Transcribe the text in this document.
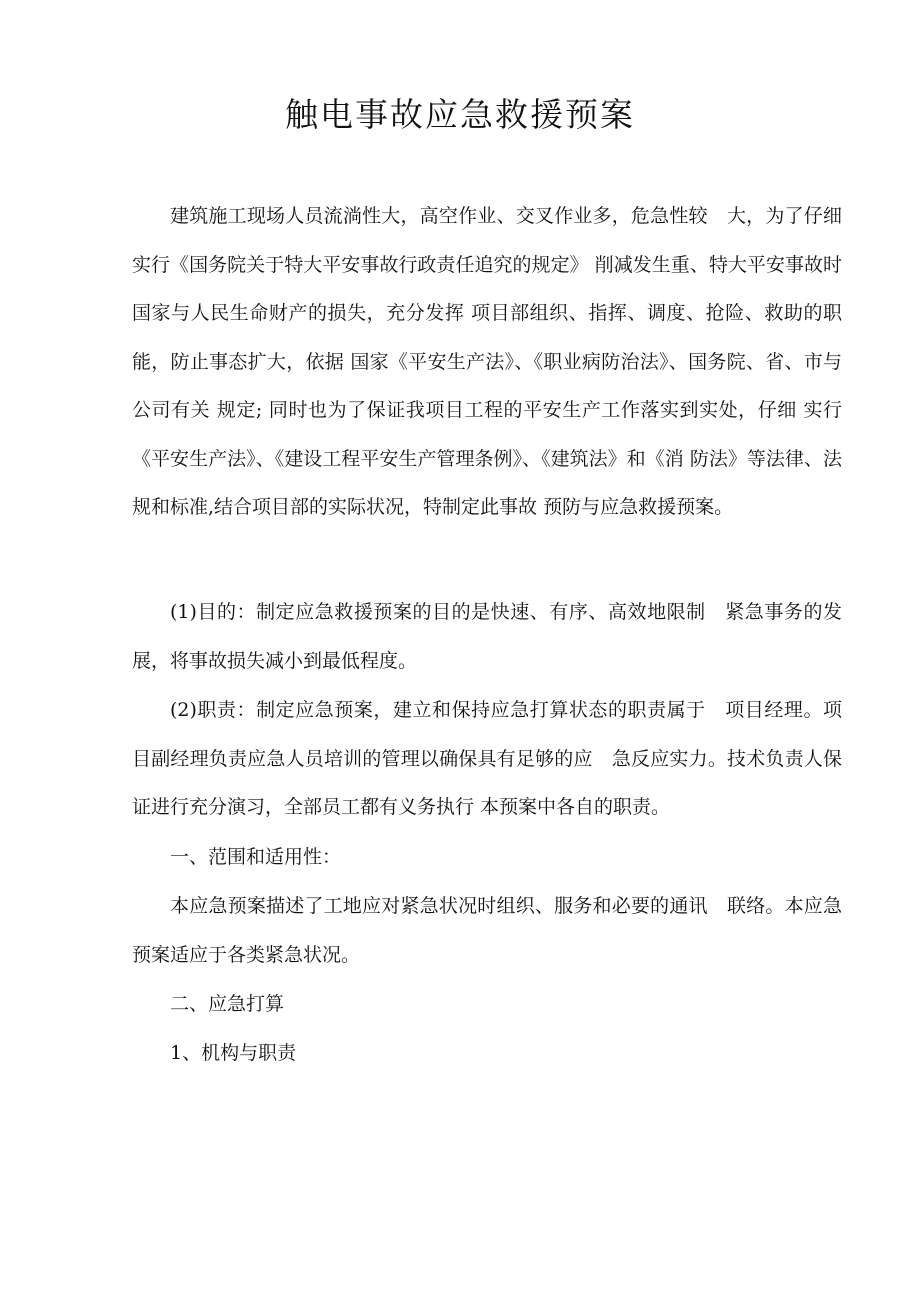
触电事故应急救援预案

建筑施工现场人员流淌性大，高空作业、交叉作业多，危急性较　大，为了仔细实行《国务院关于特大平安事故行政责任追究的规定》 削减发生重、特大平安事故时国家与人民生命财产的损失，充分发挥 项目部组织、指挥、调度、抢险、救助的职能，防止事态扩大，依据 国家《平安生产法》、《职业病防治法》、国务院、省、市与公司有关 规定; 同时也为了保证我项目工程的平安生产工作落实到实处，仔细 实行《平安生产法》、《建设工程平安生产管理条例》、《建筑法》和《消 防法》等法律、法规和标准,结合项目部的实际状况，特制定此事故 预防与应急救援预案。

(1)目的：制定应急救援预案的目的是快速、有序、高效地限制　紧急事务的发展，将事故损失减小到最低程度。

(2)职责：制定应急预案，建立和保持应急打算状态的职责属于　项目经理。项目副经理负责应急人员培训的管理以确保具有足够的应　急反应实力。技术负责人保证进行充分演习，全部员工都有义务执行 本预案中各自的职责。

一、范围和适用性：

本应急预案描述了工地应对紧急状况时组织、服务和必要的通讯　联络。本应急预案适应于各类紧急状况。

二、应急打算

1、机构与职责
